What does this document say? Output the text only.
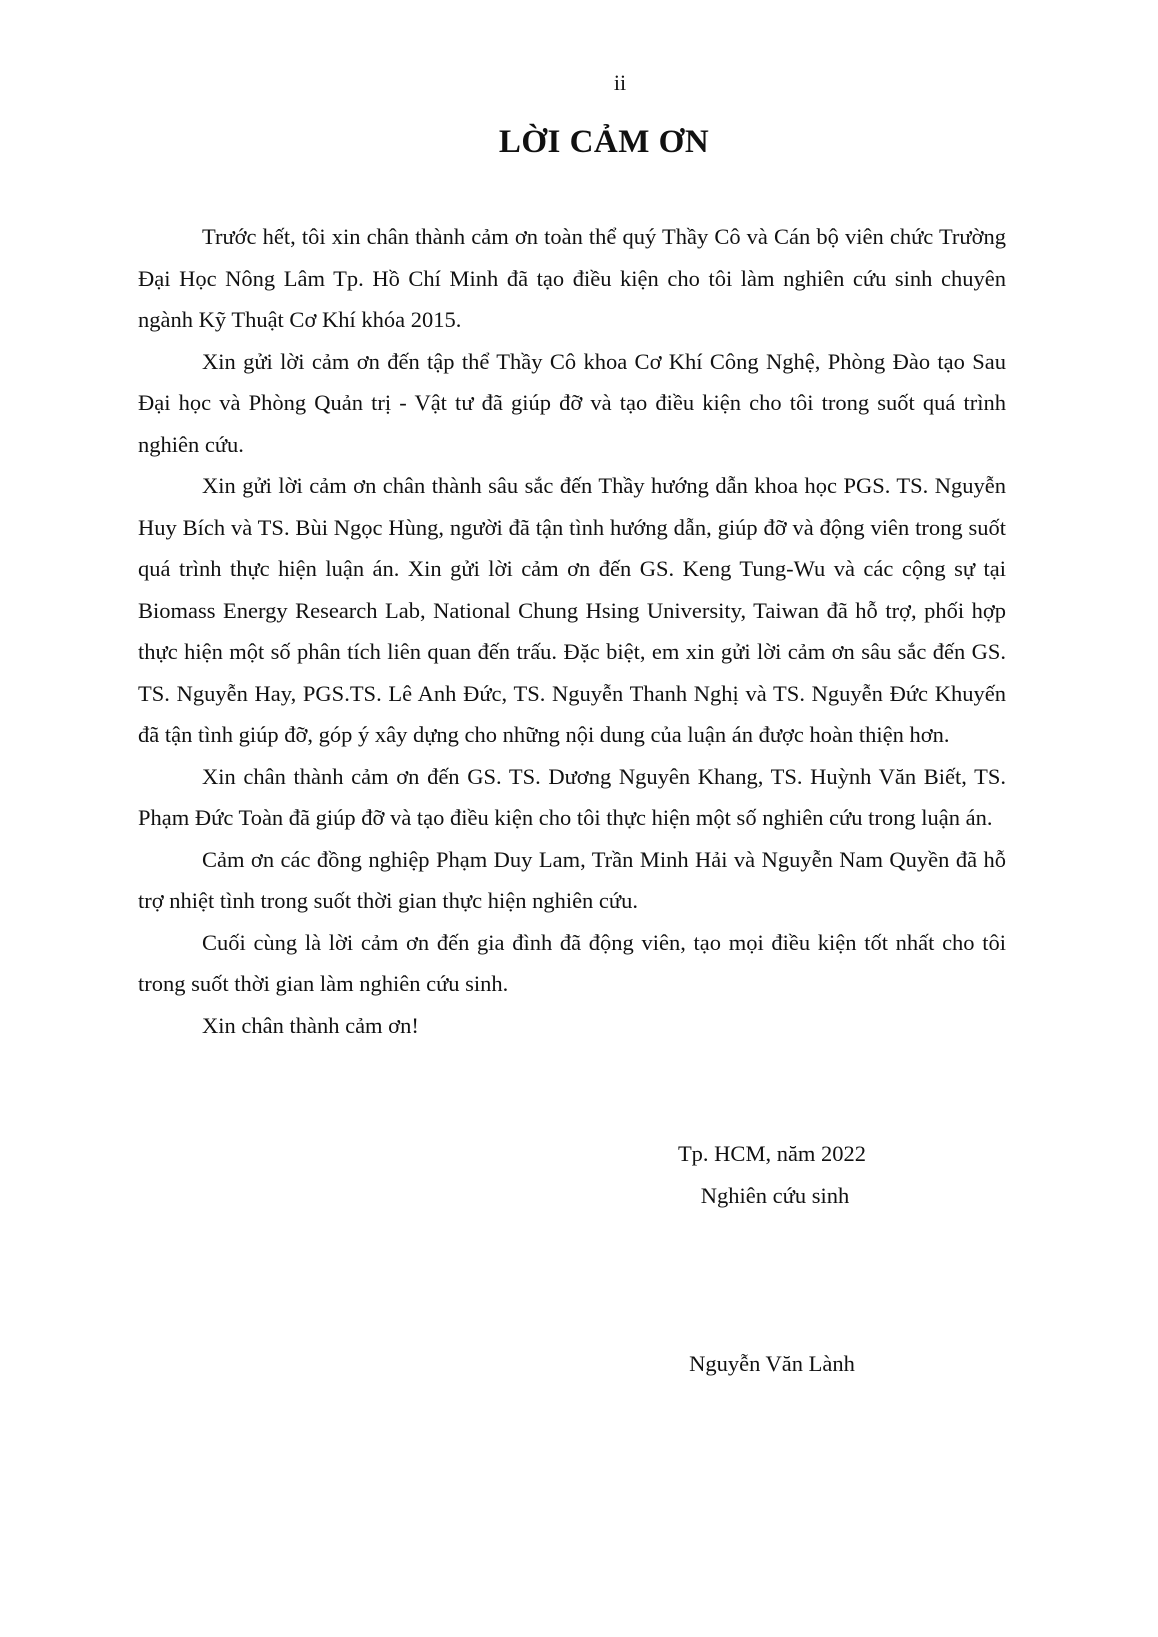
ii
LỜI CẢM ƠN

Trước hết, tôi xin chân thành cảm ơn toàn thể quý Thầy Cô và Cán bộ viên chức Trường Đại Học Nông Lâm Tp. Hồ Chí Minh đã tạo điều kiện cho tôi làm nghiên cứu sinh chuyên ngành Kỹ Thuật Cơ Khí khóa 2015.

Xin gửi lời cảm ơn đến tập thể Thầy Cô khoa Cơ Khí Công Nghệ, Phòng Đào tạo Sau Đại học và Phòng Quản trị - Vật tư đã giúp đỡ và tạo điều kiện cho tôi trong suốt quá trình nghiên cứu.

Xin gửi lời cảm ơn chân thành sâu sắc đến Thầy hướng dẫn khoa học PGS. TS. Nguyễn Huy Bích và TS. Bùi Ngọc Hùng, người đã tận tình hướng dẫn, giúp đỡ và động viên trong suốt quá trình thực hiện luận án. Xin gửi lời cảm ơn đến GS. Keng Tung-Wu và các cộng sự tại Biomass Energy Research Lab, National Chung Hsing University, Taiwan đã hỗ trợ, phối hợp thực hiện một số phân tích liên quan đến trấu. Đặc biệt, em xin gửi lời cảm ơn sâu sắc đến GS. TS. Nguyễn Hay, PGS.TS. Lê Anh Đức, TS. Nguyễn Thanh Nghị và TS. Nguyễn Đức Khuyến đã tận tình giúp đỡ, góp ý xây dựng cho những nội dung của luận án được hoàn thiện hơn.

Xin chân thành cảm ơn đến GS. TS. Dương Nguyên Khang, TS. Huỳnh Văn Biết, TS. Phạm Đức Toàn đã giúp đỡ và tạo điều kiện cho tôi thực hiện một số nghiên cứu trong luận án.

Cảm ơn các đồng nghiệp Phạm Duy Lam, Trần Minh Hải và Nguyễn Nam Quyền đã hỗ trợ nhiệt tình trong suốt thời gian thực hiện nghiên cứu.

Cuối cùng là lời cảm ơn đến gia đình đã động viên, tạo mọi điều kiện tốt nhất cho tôi trong suốt thời gian làm nghiên cứu sinh.

Xin chân thành cảm ơn!

Tp. HCM, năm 2022
Nghiên cứu sinh
Nguyễn Văn Lành
